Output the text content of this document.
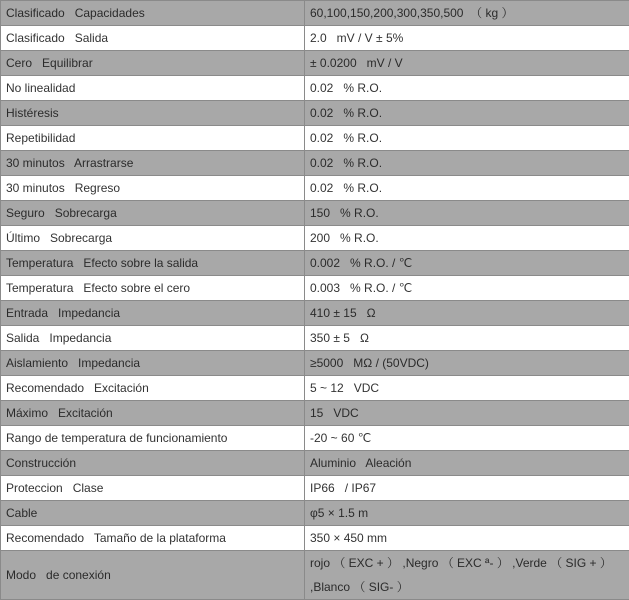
Clasificado   Capacidades	60,100,150,200,300,350,500  （ kg ）
Clasificado   Salida	2.0   mV / V ± 5%
Cero   Equilibrar	± 0.0200   mV / V
No linealidad	0.02   % R.O.
Histéresis	0.02   % R.O.
Repetibilidad	0.02   % R.O.
30 minutos   Arrastrarse	0.02   % R.O.
30 minutos   Regreso	0.02   % R.O.
Seguro   Sobrecarga	150   % R.O.
Último   Sobrecarga	200   % R.O.
Temperatura   Efecto sobre la salida	0.002   % R.O. / ℃
Temperatura   Efecto sobre el cero	0.003   % R.O. / ℃
Entrada   Impedancia	410 ± 15   Ω
Salida   Impedancia	350 ± 5   Ω
Aislamiento   Impedancia	≥5000   MΩ / (50VDC)
Recomendado   Excitación	5 ~ 12   VDC
Máximo   Excitación	15   VDC
Rango de temperatura de funcionamiento	-20 ~ 60 ℃
Construcción	Aluminio   Aleación
Proteccion   Clase	IP66   / IP67
Cable	φ5 × 1.5 m
Recomendado   Tamaño de la plataforma	350 × 450 mm
Modo   de conexión	rojo （ EXC + ） ,Negro （ EXC ª- ） ,Verde （ SIG + ） ,Blanco （ SIG- ）
